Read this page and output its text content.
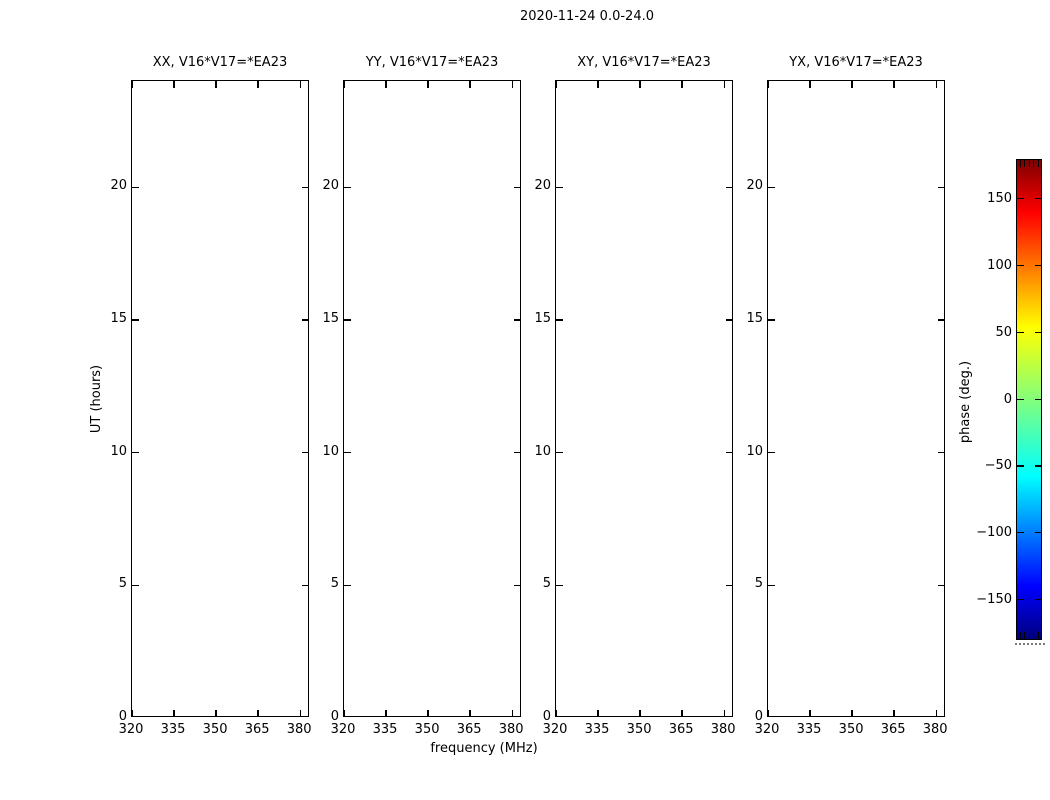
2020-11-24 0.0-24.0
XX, V16*V17=*EA23
320	335	350	365	380
0
5
10
15
20
YY, V16*V17=*EA23
320	335	350	365	380
0
5
10
15
20
XY, V16*V17=*EA23
320	335	350	365	380
0
5
10
15
20
YX, V16*V17=*EA23
320	335	350	365	380
0
5
10
15
20
frequency (MHz)
UT (hours)
150
100
50
0
−50
−100
−150
phase (deg.)
